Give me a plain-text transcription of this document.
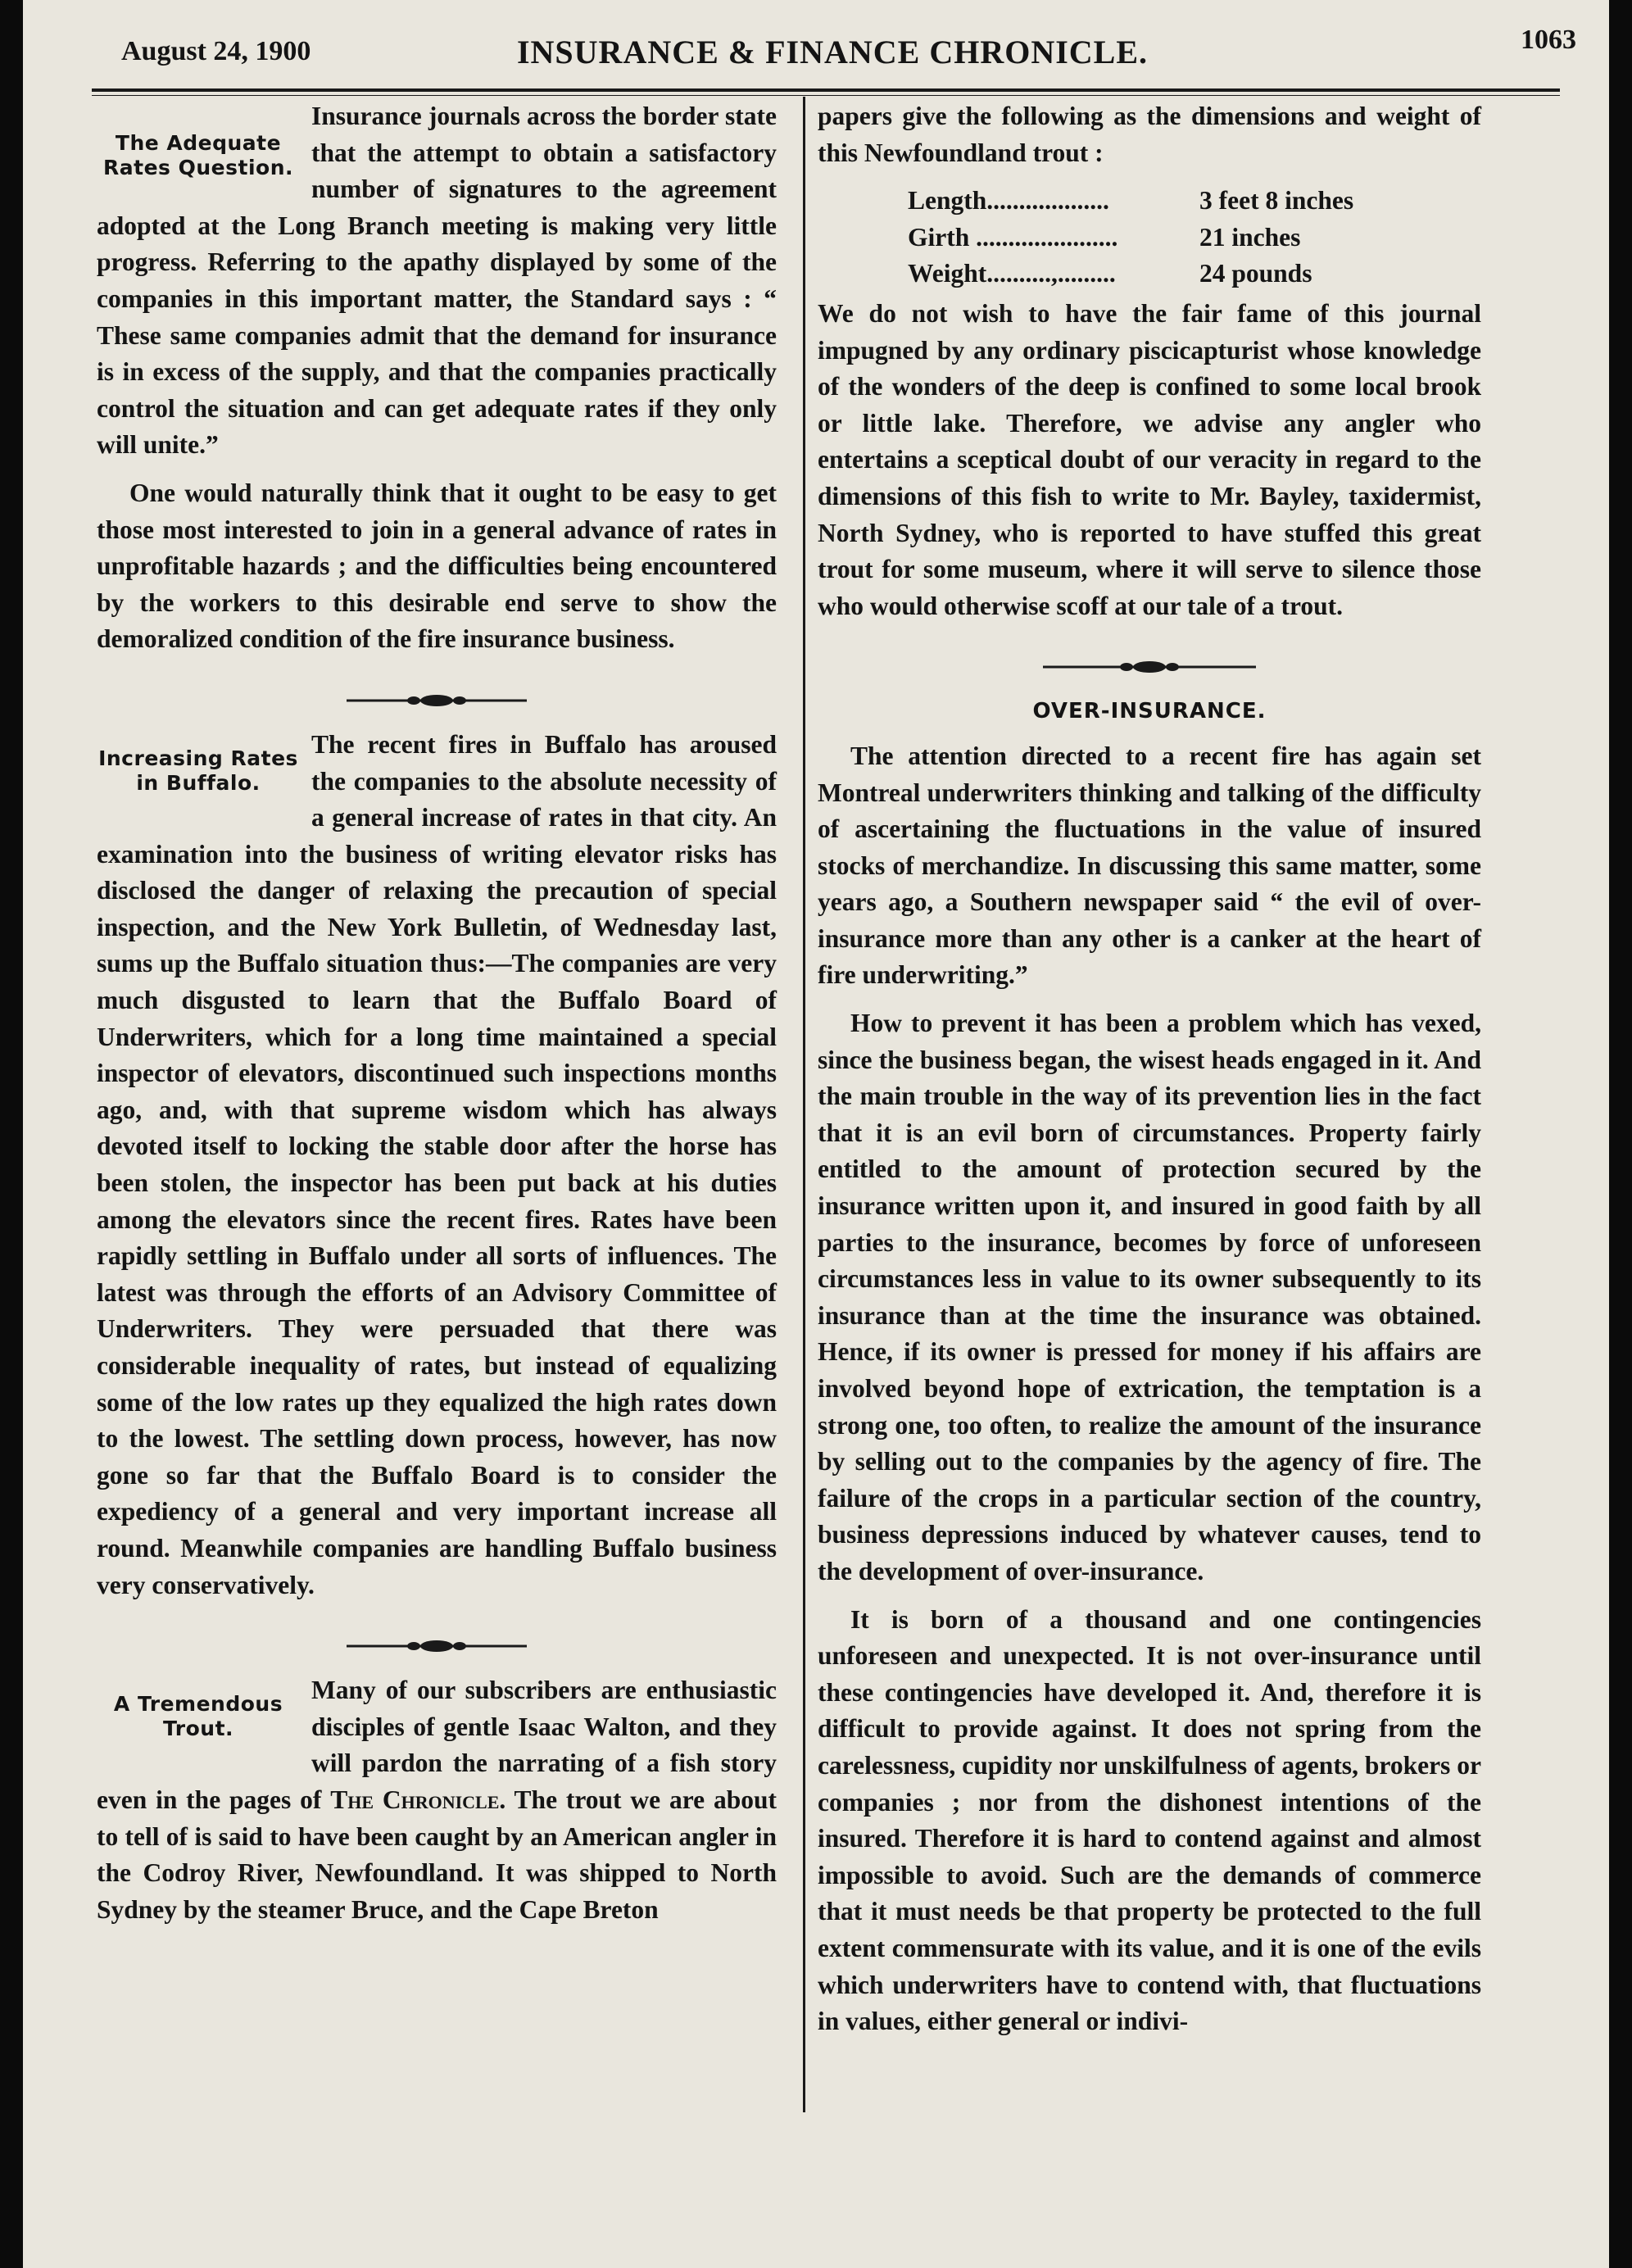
August 24, 1900	INSURANCE & FINANCE CHRONICLE.	1063
The Adequate Rates Question.

Insurance journals across the border state that the attempt to obtain a satisfactory number of signatures to the agreement adopted at the Long Branch meeting is making very little progress. Referring to the apathy displayed by some of the companies in this important matter, the Standard says : “ These same companies admit that the demand for insurance is in excess of the supply, and that the companies practically control the situation and can get adequate rates if they only will unite.”

One would naturally think that it ought to be easy to get those most interested to join in a general advance of rates in unprofitable hazards ; and the difficulties being encountered by the workers to this desirable end serve to show the demoralized condition of the fire insurance business.

Increasing Rates in Buffalo.

The recent fires in Buffalo has aroused the companies to the absolute necessity of a general increase of rates in that city. An examination into the business of writing elevator risks has disclosed the danger of relaxing the precaution of special inspection, and the New York Bulletin, of Wednesday last, sums up the Buffalo situation thus:—The companies are very much disgusted to learn that the Buffalo Board of Underwriters, which for a long time maintained a special inspector of elevators, discontinued such inspections months ago, and, with that supreme wisdom which has always devoted itself to locking the stable door after the horse has been stolen, the inspector has been put back at his duties among the elevators since the recent fires. Rates have been rapidly settling in Buffalo under all sorts of influences. The latest was through the efforts of an Advisory Committee of Underwriters. They were persuaded that there was considerable inequality of rates, but instead of equalizing some of the low rates up they equalized the high rates down to the lowest. The settling down process, however, has now gone so far that the Buffalo Board is to consider the expediency of a general and very important increase all round. Meanwhile companies are handling Buffalo business very conservatively.

A Tremendous Trout.

Many of our subscribers are enthusiastic disciples of gentle Isaac Walton, and they will pardon the narrating of a fish story even in the pages of The Chronicle. The trout we are about to tell of is said to have been caught by an American angler in the Codroy River, Newfoundland. It was shipped to North Sydney by the steamer Bruce, and the Cape Breton

papers give the following as the dimensions and weight of this Newfoundland trout :

Length...................	3 feet 8 inches
Girth ......................	21 inches
Weight..........,.........	24 pounds

We do not wish to have the fair fame of this journal impugned by any ordinary piscicapturist whose knowledge of the wonders of the deep is confined to some local brook or little lake. Therefore, we advise any angler who entertains a sceptical doubt of our veracity in regard to the dimensions of this fish to write to Mr. Bayley, taxidermist, North Sydney, who is reported to have stuffed this great trout for some museum, where it will serve to silence those who would otherwise scoff at our tale of a trout.

OVER-INSURANCE.

The attention directed to a recent fire has again set Montreal underwriters thinking and talking of the difficulty of ascertaining the fluctuations in the value of insured stocks of merchandize. In discussing this same matter, some years ago, a Southern newspaper said “ the evil of over-insurance more than any other is a canker at the heart of fire underwriting.”

How to prevent it has been a problem which has vexed, since the business began, the wisest heads engaged in it. And the main trouble in the way of its prevention lies in the fact that it is an evil born of circumstances. Property fairly entitled to the amount of protection secured by the insurance written upon it, and insured in good faith by all parties to the insurance, becomes by force of unforeseen circumstances less in value to its owner subsequently to its insurance than at the time the insurance was obtained. Hence, if its owner is pressed for money if his affairs are involved beyond hope of extrication, the temptation is a strong one, too often, to realize the amount of the insurance by selling out to the companies by the agency of fire. The failure of the crops in a particular section of the country, business depressions induced by whatever causes, tend to the development of over-insurance.

It is born of a thousand and one contingencies unforeseen and unexpected. It is not over-insurance until these contingencies have developed it. And, therefore it is difficult to provide against. It does not spring from the carelessness, cupidity nor unskilfulness of agents, brokers or companies ; nor from the dishonest intentions of the insured. Therefore it is hard to contend against and almost impossible to avoid. Such are the demands of commerce that it must needs be that property be protected to the full extent commensurate with its value, and it is one of the evils which underwriters have to contend with, that fluctuations in values, either general or indivi-
